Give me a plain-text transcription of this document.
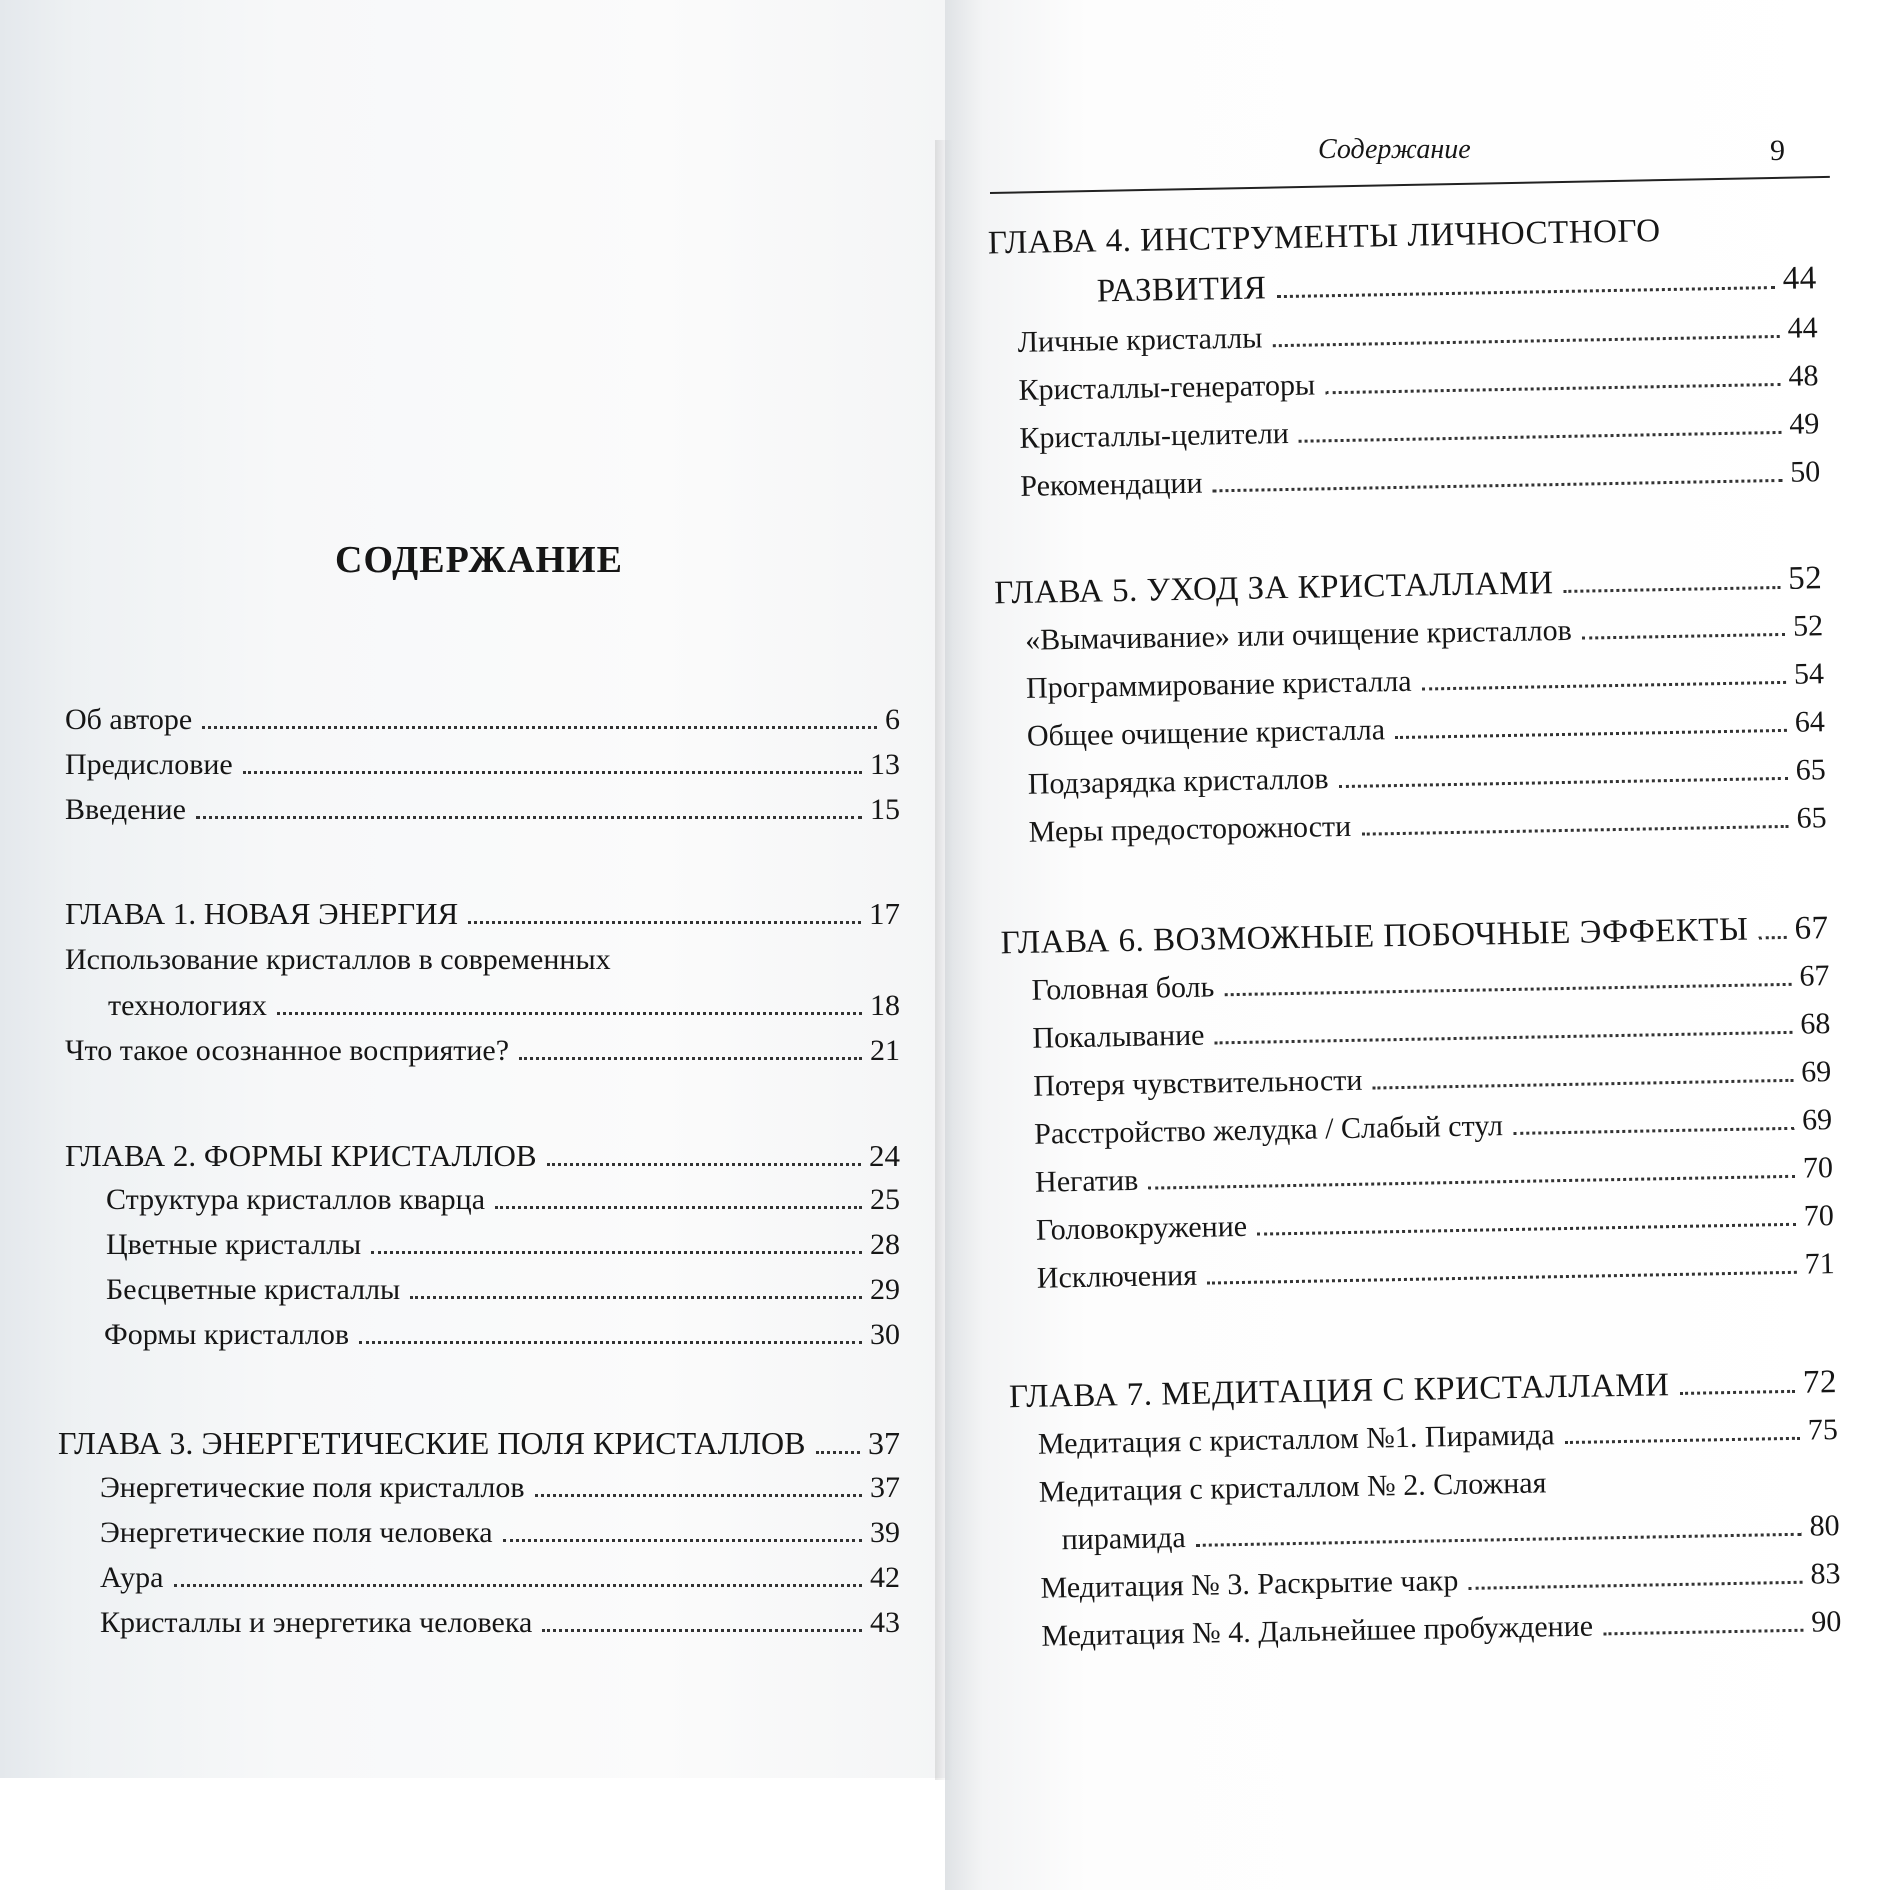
СОДЕРЖАНИЕ
Об авторе	6
Предисловие	13
Введение	15
ГЛАВА 1. НОВАЯ ЭНЕРГИЯ	17
Использование кристаллов в современных
технологиях	18
Что такое осознанное восприятие?	21
ГЛАВА 2. ФОРМЫ КРИСТАЛЛОВ	24
Структура кристаллов кварца	25
Цветные кристаллы	28
Бесцветные кристаллы	29
Формы кристаллов	30
ГЛАВА 3. ЭНЕРГЕТИЧЕСКИЕ ПОЛЯ КРИСТАЛЛОВ 37
Энергетические поля кристаллов	37
Энергетические поля человека	39
Аура	42
Кристаллы и энергетика человека	43
Содержание	9
ГЛАВА 4. ИНСТРУМЕНТЫ ЛИЧНОСТНОГО
РАЗВИТИЯ	44
Личные кристаллы	44
Кристаллы-генераторы	48
Кристаллы-целители	49
Рекомендации	50
ГЛАВА 5. УХОД ЗА КРИСТАЛЛАМИ	52
«Вымачивание» или очищение кристаллов	52
Программирование кристалла	54
Общее очищение кристалла	64
Подзарядка кристаллов	65
Меры предосторожности	65
ГЛАВА 6. ВОЗМОЖНЫЕ ПОБОЧНЫЕ ЭФФЕКТЫ 67
Головная боль	67
Покалывание	68
Потеря чувствительности	69
Расстройство желудка / Слабый стул	69
Негатив	70
Головокружение	70
Исключения	71
ГЛАВА 7. МЕДИТАЦИЯ С КРИСТАЛЛАМИ	72
Медитация с кристаллом №1. Пирамида	75
Медитация с кристаллом № 2. Сложная
пирамида	80
Медитация № 3. Раскрытие чакр	83
Медитация № 4. Дальнейшее пробуждение	90
